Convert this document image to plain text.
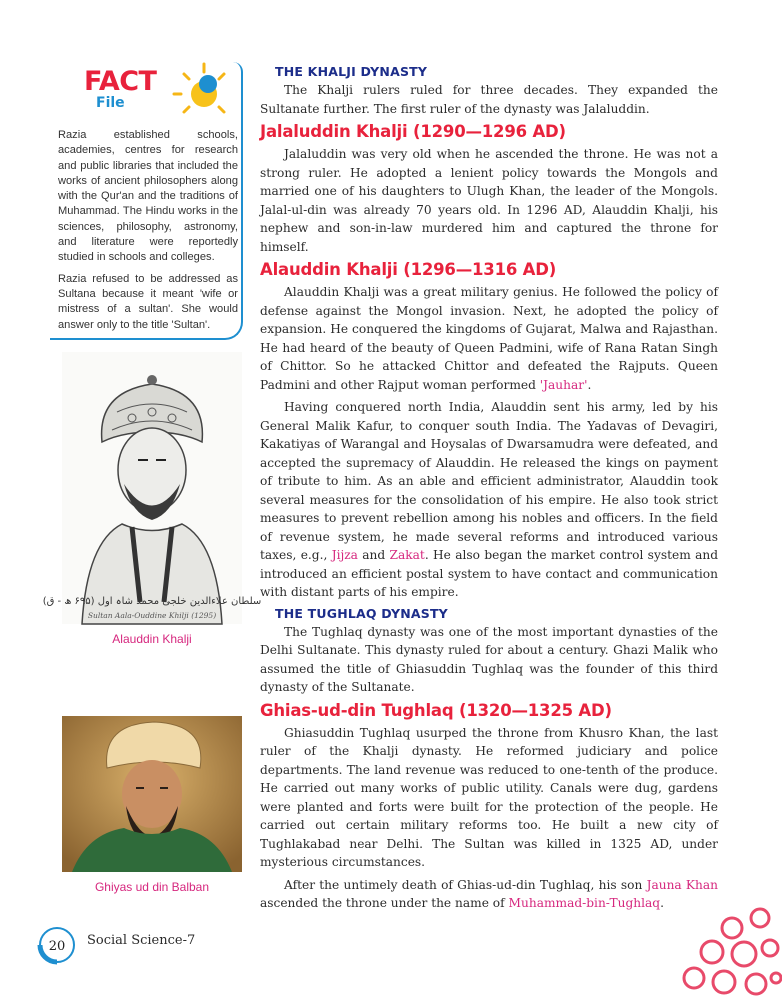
FACT
File

Razia established schools, academies, centres for research and public libraries that included the works of ancient philosophers along with the Qur'an and the traditions of Muhammad. The Hindu works in the sciences, philosophy, astronomy, and literature were reportedly studied in schools and colleges.

Razia refused to be addressed as Sultana because it meant 'wife or mistress of a sultan'. She would answer only to the title 'Sultan'.

سلطان علاءالدین خلجی محمد شاہ اول (۶۹۵ ھ - ق)
Sultan Aala-Ouddine Khilji (1295)
Alauddin Khalji
Ghiyas ud din Balban
20 Social Science-7
THE KHALJI DYNASTY

The Khalji rulers ruled for three decades. They expanded the Sultanate further. The first ruler of the dynasty was Jalaluddin.

Jalaluddin Khalji (1290—1296 AD)

Jalaluddin was very old when he ascended the throne. He was not a strong ruler. He adopted a lenient policy towards the Mongols and married one of his daughters to Ulugh Khan, the leader of the Mongols. Jalal-ul-din was already 70 years old. In 1296 AD, Alauddin Khalji, his nephew and son-in-law murdered him and captured the throne for himself.

Alauddin Khalji (1296—1316 AD)

Alauddin Khalji was a great military genius. He followed the policy of defense against the Mongol invasion. Next, he adopted the policy of expansion. He conquered the kingdoms of Gujarat, Malwa and Rajasthan. He had heard of the beauty of Queen Padmini, wife of Rana Ratan Singh of Chittor. So he attacked Chittor and defeated the Rajputs. Queen Padmini and other Rajput woman performed 'Jauhar'.

Having conquered north India, Alauddin sent his army, led by his General Malik Kafur, to conquer south India. The Yadavas of Devagiri, Kakatiyas of Warangal and Hoysalas of Dwarsamudra were defeated, and accepted the supremacy of Alauddin. He released the kings on payment of tribute to him. As an able and efficient administrator, Alauddin took several measures for the consolidation of his empire. He also took strict measures to prevent rebellion among his nobles and officers. In the field of revenue system, he made several reforms and introduced various taxes, e.g., Jijza and Zakat. He also began the market control system and introduced an efficient postal system to have contact and communication with distant parts of his empire.

THE TUGHLAQ DYNASTY

The Tughlaq dynasty was one of the most important dynasties of the Delhi Sultanate. This dynasty ruled for about a century. Ghazi Malik who assumed the title of Ghiasuddin Tughlaq was the founder of this third dynasty of the Sultanate.

Ghias-ud-din Tughlaq (1320—1325 AD)

Ghiasuddin Tughlaq usurped the throne from Khusro Khan, the last ruler of the Khalji dynasty. He reformed judiciary and police departments. The land revenue was reduced to one-tenth of the produce. He carried out many works of public utility. Canals were dug, gardens were planted and forts were built for the protection of the people. He carried out certain military reforms too. He built a new city of Tughlakabad near Delhi. The Sultan was killed in 1325 AD, under mysterious circumstances.

After the untimely death of Ghias-ud-din Tughlaq, his son Jauna Khan ascended the throne under the name of Muhammad-bin-Tughlaq.
